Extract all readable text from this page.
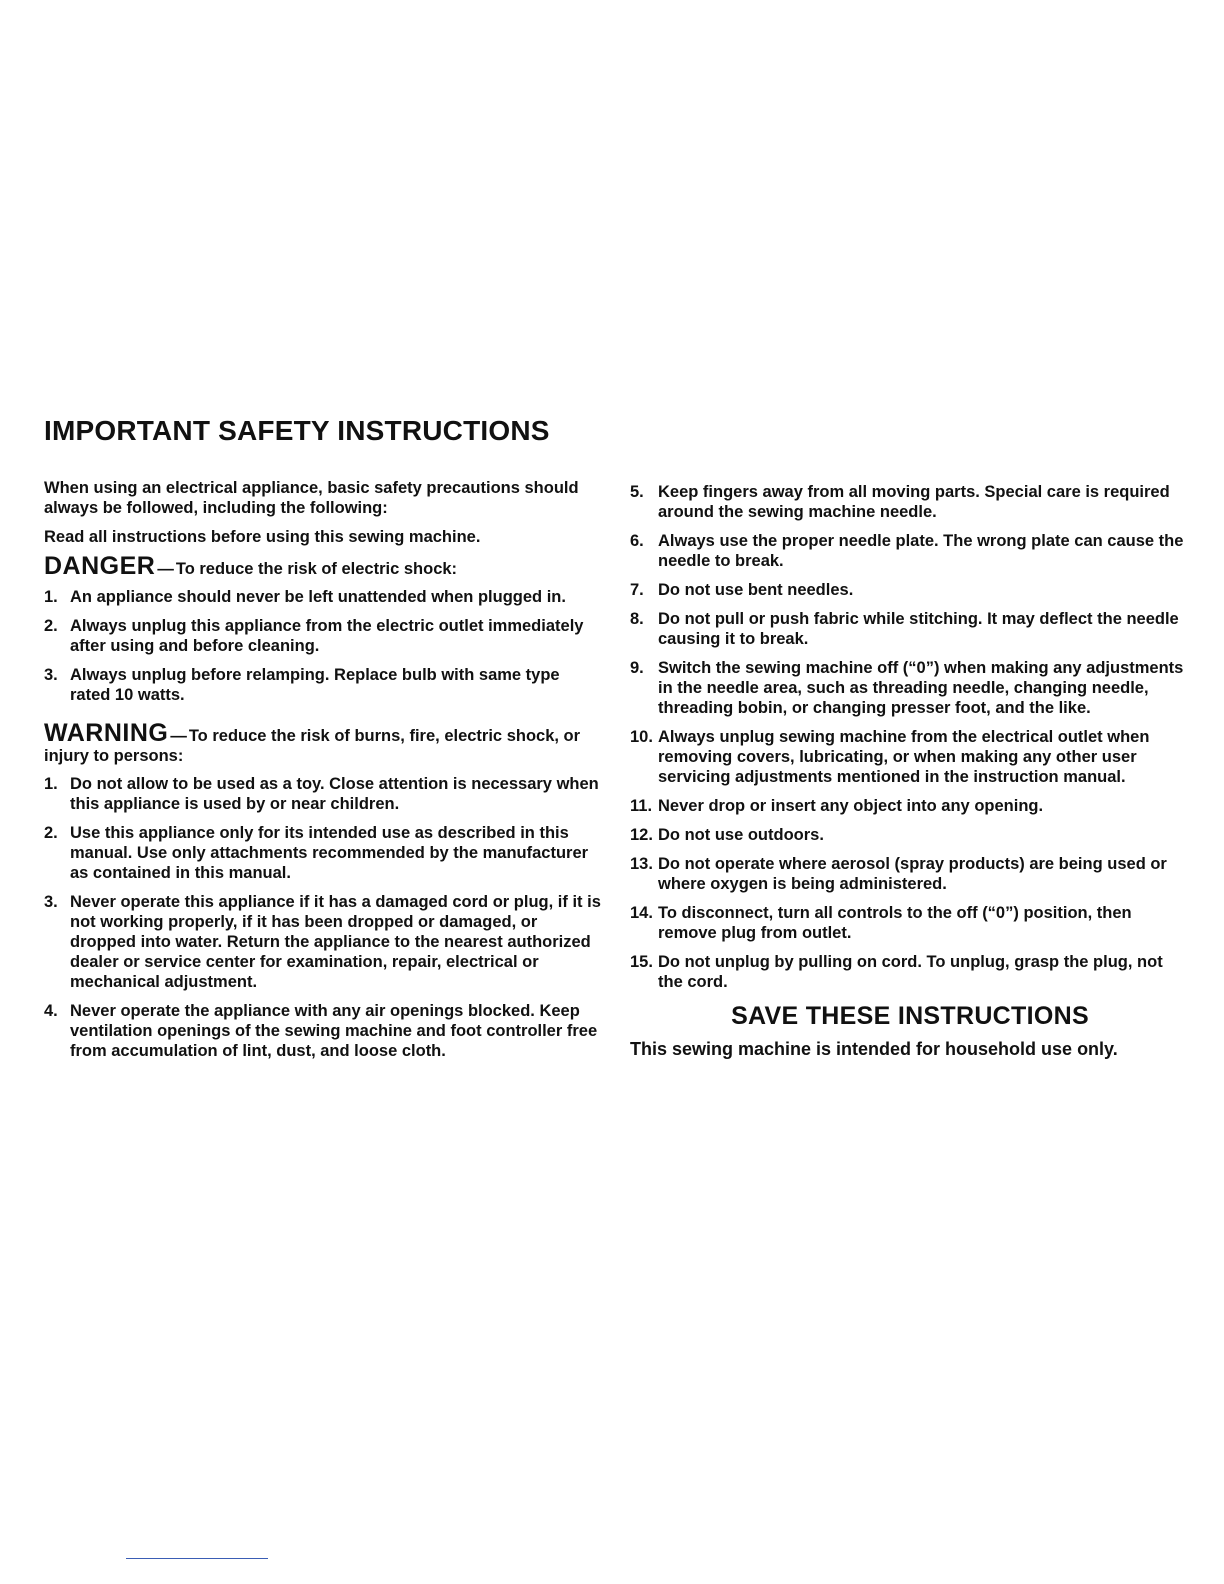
IMPORTANT SAFETY INSTRUCTIONS

When using an electrical appliance, basic safety precautions should always be followed, including the following:

Read all instructions before using this sewing machine.

DANGER — To reduce the risk of electric shock:
1. An appliance should never be left unattended when plugged in.
2. Always unplug this appliance from the electric outlet immediately after using and before cleaning.
3. Always unplug before relamping. Replace bulb with same type rated 10 watts.
WARNING — To reduce the risk of burns, fire, electric shock, or injury to persons:
1. Do not allow to be used as a toy. Close attention is necessary when this appliance is used by or near children.
2. Use this appliance only for its intended use as described in this manual. Use only attachments recommended by the manufacturer as contained in this manual.
3. Never operate this appliance if it has a damaged cord or plug, if it is not working properly, if it has been dropped or damaged, or dropped into water. Return the appliance to the nearest authorized dealer or service center for examination, repair, electrical or mechanical adjustment.
4. Never operate the appliance with any air openings blocked. Keep ventilation openings of the sewing machine and foot controller free from accumulation of lint, dust, and loose cloth.
5. Keep fingers away from all moving parts. Special care is required around the sewing machine needle.
6. Always use the proper needle plate. The wrong plate can cause the needle to break.
7. Do not use bent needles.
8. Do not pull or push fabric while stitching. It may deflect the needle causing it to break.
9. Switch the sewing machine off (“0”) when making any adjustments in the needle area, such as threading needle, changing needle, threading bobin, or changing presser foot, and the like.
10. Always unplug sewing machine from the electrical outlet when removing covers, lubricating, or when making any other user servicing adjustments mentioned in the instruction manual.
11. Never drop or insert any object into any opening.
12. Do not use outdoors.
13. Do not operate where aerosol (spray products) are being used or where oxygen is being administered.
14. To disconnect, turn all controls to the off (“0”) position, then remove plug from outlet.
15. Do not unplug by pulling on cord. To unplug, grasp the plug, not the cord.
SAVE THESE INSTRUCTIONS

This sewing machine is intended for household use only.
